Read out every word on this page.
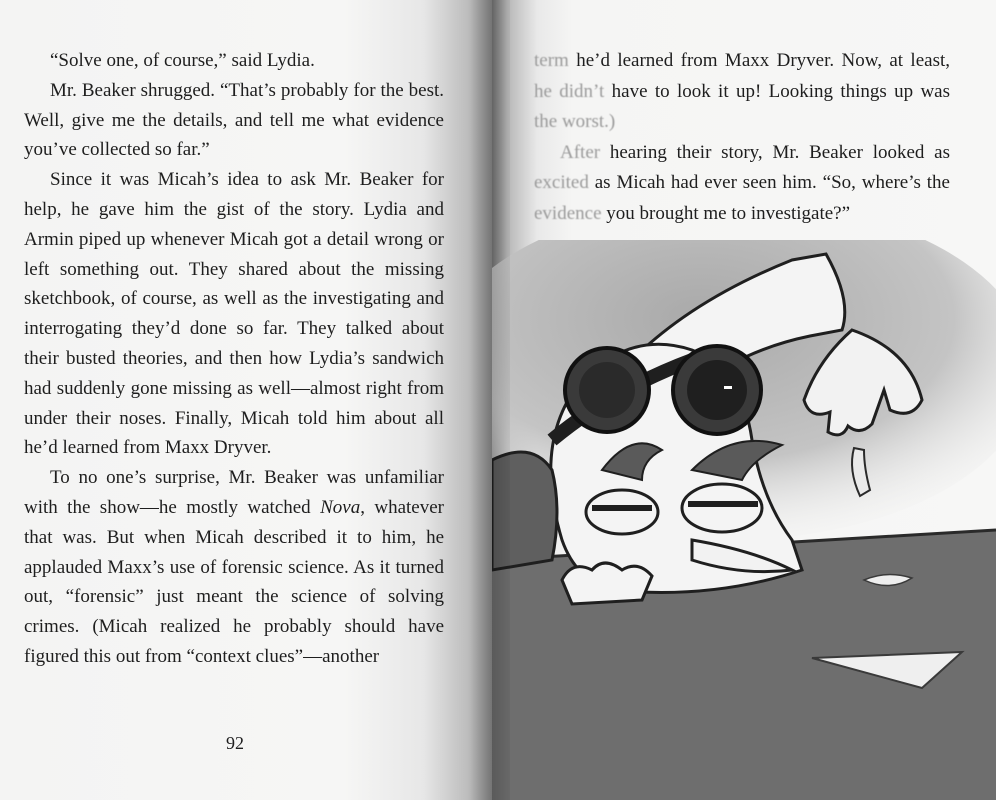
“Solve one, of course,” said Lydia.

Mr. Beaker shrugged. “That’s probably for the best. Well, give me the details, and tell me what evidence you’ve collected so far.”

Since it was Micah’s idea to ask Mr. Beaker for help, he gave him the gist of the story. Lydia and Armin piped up whenever Micah got a detail wrong or left something out. They shared about the missing sketchbook, of course, as well as the investigating and interrogating they’d done so far. They talked about their busted theories, and then how Lydia’s sandwich had suddenly gone missing as well—almost right from under their noses. Finally, Micah told him about all he’d learned from Maxx Dryver.

To no one’s surprise, Mr. Beaker was unfamiliar with the show—he mostly watched Nova, whatever that was. But when Micah described it to him, he applauded Maxx’s use of forensic science. As it turned out, “forensic” just meant the science of solving crimes. (Micah realized he probably should have figured this out from “context clues”—another

92

term he’d learned from Maxx Dryver. Now, at least, he didn’t have to look it up! Looking things up was the worst.)

After hearing their story, Mr. Beaker looked as excited as Micah had ever seen him. “So, where’s the evidence you brought me to investigate?”
